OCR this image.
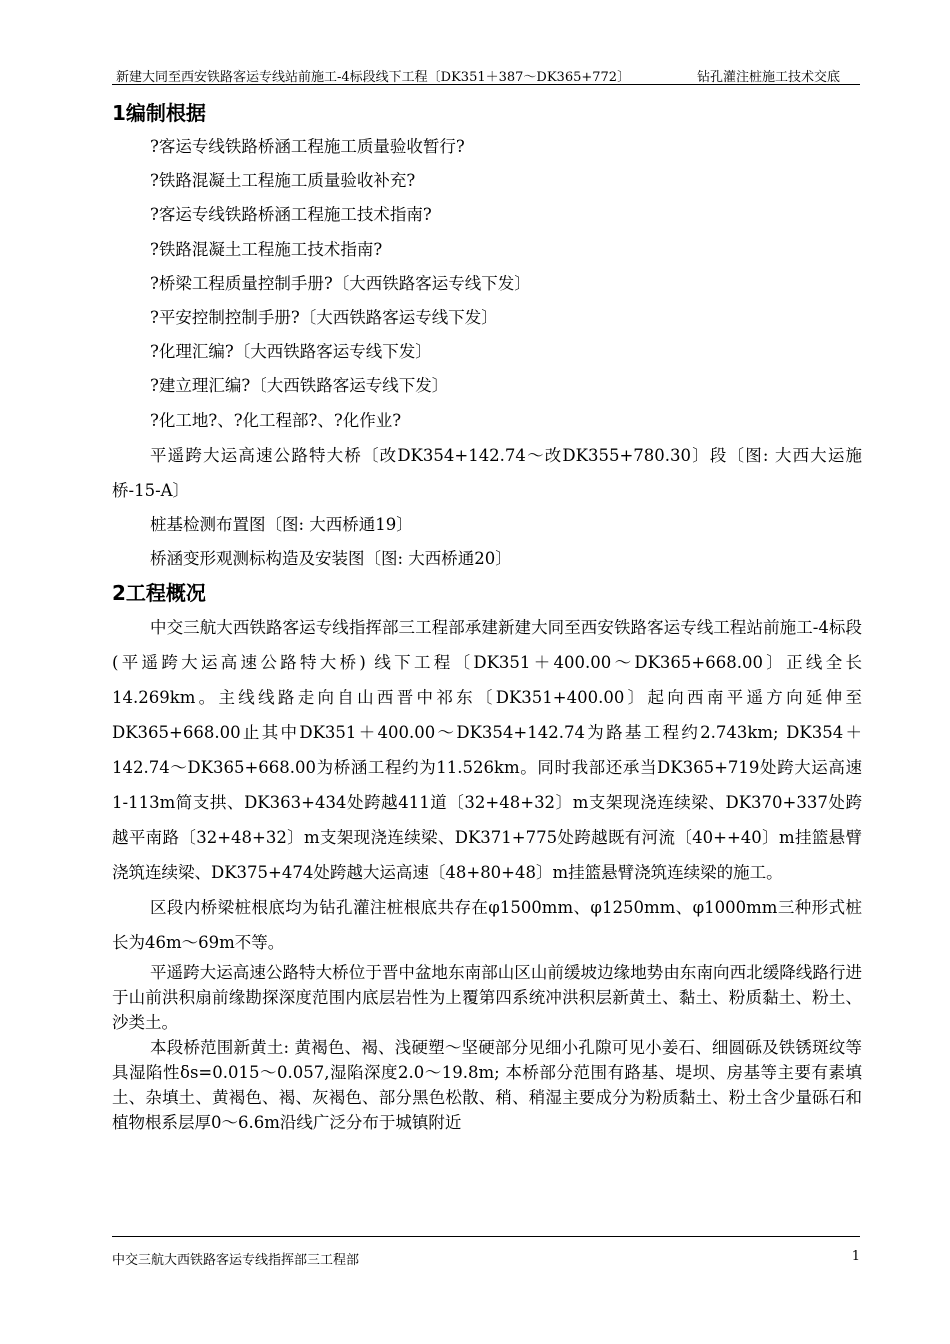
新建大同至西安铁路客运专线站前施工-4标段线下工程〔DK351＋387～DK365+772〕	钻孔灌注桩施工技术交底
1编制根据
?客运专线铁路桥涵工程施工质量验收暂行?
?铁路混凝土工程施工质量验收补充?
?客运专线铁路桥涵工程施工技术指南?
?铁路混凝土工程施工技术指南?
?桥梁工程质量控制手册?〔大西铁路客运专线下发〕
?平安控制控制手册?〔大西铁路客运专线下发〕
?化理汇编?〔大西铁路客运专线下发〕
?建立理汇编?〔大西铁路客运专线下发〕
?化工地?、?化工程部?、?化作业?

平遥跨大运高速公路特大桥〔改DK354+142.74～改DK355+780.30〕段〔图: 大西大运施桥-15-A〕

桩基检测布置图〔图: 大西桥通19〕
桥涵变形观测标构造及安装图〔图: 大西桥通20〕
2工程概况

中交三航大西铁路客运专线指挥部三工程部承建新建大同至西安铁路客运专线工程站前施工-4标段(平遥跨大运高速公路特大桥) 线下工程〔DK351＋400.00～DK365+668.00〕正线全长14.269km。主线线路走向自山西晋中祁东〔DK351+400.00〕起向西南平遥方向延伸至DK365+668.00止其中DK351＋400.00～DK354+142.74为路基工程约2.743km; DK354＋142.74～DK365+668.00为桥涵工程约为11.526km。同时我部还承当DK365+719处跨大运高速1-113m简支拱、DK363+434处跨越411道〔32+48+32〕m支架现浇连续梁、DK370+337处跨越平南路〔32+48+32〕m支架现浇连续梁、DK371+775处跨越既有河流〔40++40〕m挂篮悬臂浇筑连续梁、DK375+474处跨越大运高速〔48+80+48〕m挂篮悬臂浇筑连续梁的施工。

区段内桥梁桩根底均为钻孔灌注桩根底共存在φ1500mm、φ1250mm、φ1000mm三种形式桩长为46m～69m不等。

平遥跨大运高速公路特大桥位于晋中盆地东南部山区山前缓坡边缘地势由东南向西北缓降线路行进于山前洪积扇前缘勘探深度范围内底层岩性为上覆第四系统冲洪积层新黄土、黏土、粉质黏土、粉土、沙类土。

本段桥范围新黄土: 黄褐色、褐、浅硬塑～坚硬部分见细小孔隙可见小姜石、细圆砾及铁锈斑纹等具湿陷性δs=0.015～0.057,湿陷深度2.0～19.8m; 本桥部分范围有路基、堤坝、房基等主要有素填土、杂填土、黄褐色、褐、灰褐色、部分黑色松散、稍、稍湿主要成分为粉质黏土、粉土含少量砾石和植物根系层厚0～6.6m沿线广泛分布于城镇附近

中交三航大西铁路客运专线指挥部三工程部	1
